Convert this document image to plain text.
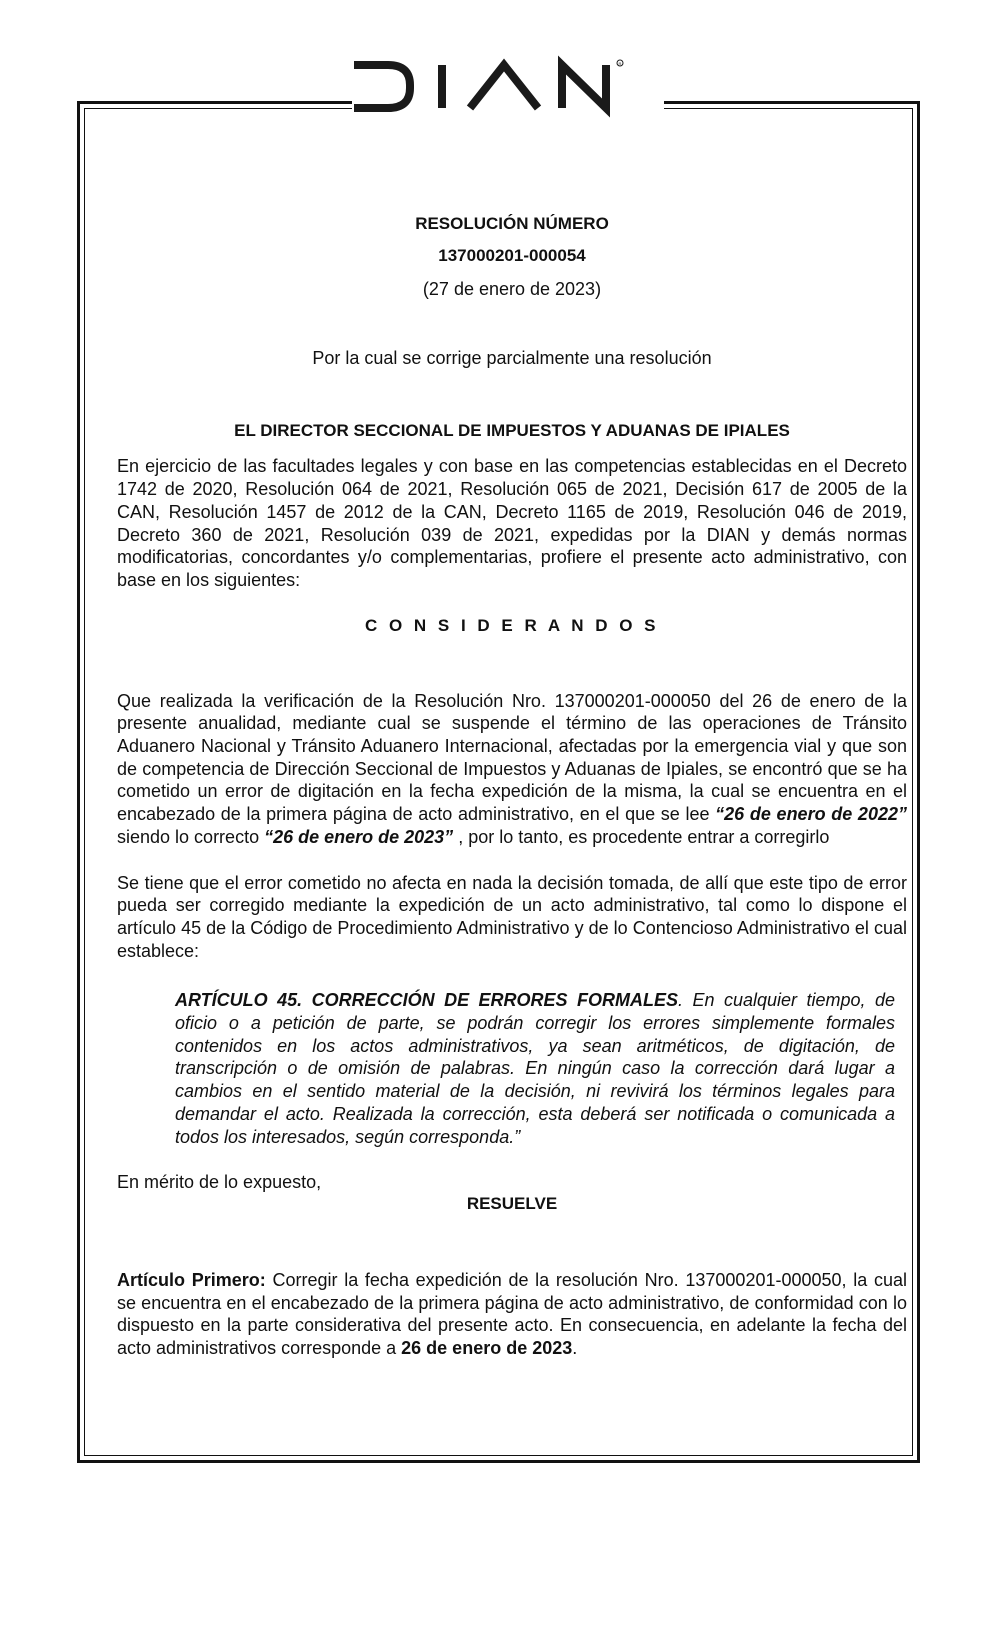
R
RESOLUCIÓN NÚMERO
137000201-000054
(27 de enero de 2023)
Por la cual se corrige parcialmente una resolución
EL DIRECTOR SECCIONAL DE IMPUESTOS Y ADUANAS DE IPIALES
En ejercicio de las facultades legales y con base en las competencias establecidas en el Decreto 1742 de 2020, Resolución 064 de 2021, Resolución 065 de 2021, Decisión 617 de 2005 de la CAN, Resolución 1457 de 2012 de la CAN, Decreto 1165 de 2019, Resolución 046 de 2019, Decreto 360 de 2021, Resolución 039 de 2021, expedidas por la DIAN y demás normas modificatorias, concordantes y/o complementarias, profiere el presente acto administrativo, con base en los siguientes:
C O N S I D E R A N D O S
Que realizada la verificación de la Resolución Nro. 137000201-000050 del 26 de enero de la presente anualidad, mediante cual se suspende el término de las operaciones de Tránsito Aduanero Nacional y Tránsito Aduanero Internacional, afectadas por la emergencia vial y que son de competencia de Dirección Seccional de Impuestos y Aduanas de Ipiales, se encontró que se ha cometido un error de digitación en la fecha expedición de la misma, la cual se encuentra en el encabezado de la primera página de acto administrativo, en el que se lee “26 de enero de 2022” siendo lo correcto “26 de enero de 2023” , por lo tanto, es procedente entrar a corregirlo
Se tiene que el error cometido no afecta en nada la decisión tomada, de allí que este tipo de error pueda ser corregido mediante la expedición de un acto administrativo, tal como lo dispone el artículo 45 de la Código de Procedimiento Administrativo y de lo Contencioso Administrativo el cual establece:
ARTÍCULO 45. CORRECCIÓN DE ERRORES FORMALES. En cualquier tiempo, de oficio o a petición de parte, se podrán corregir los errores simplemente formales contenidos en los actos administrativos, ya sean aritméticos, de digitación, de transcripción o de omisión de palabras. En ningún caso la corrección dará lugar a cambios en el sentido material de la decisión, ni revivirá los términos legales para demandar el acto. Realizada la corrección, esta deberá ser notificada o comunicada a todos los interesados, según corresponda.”
En mérito de lo expuesto,
RESUELVE
Artículo Primero: Corregir la fecha expedición de la resolución Nro. 137000201-000050, la cual se encuentra en el encabezado de la primera página de acto administrativo, de conformidad con lo dispuesto en la parte considerativa del presente acto. En consecuencia, en adelante la fecha del acto administrativos corresponde a 26 de enero de 2023.
